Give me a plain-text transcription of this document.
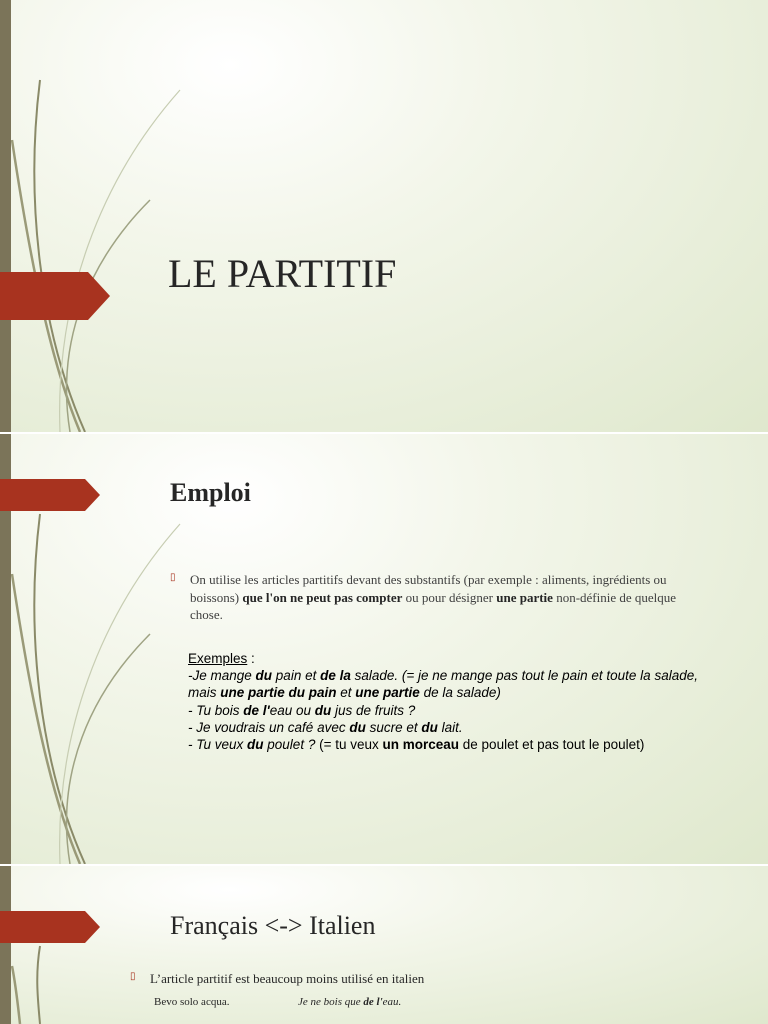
LE PARTITIF
Emploi
▯ On utilise les articles partitifs devant des substantifs (par exemple : aliments, ingrédients ou boissons) que l'on ne peut pas compter ou pour désigner une partie non-définie de quelque chose.
Exemples :
-Je mange du pain et de la salade. (= je ne mange pas tout le pain et toute la salade, mais une partie du pain et une partie de la salade)
- Tu bois de l'eau ou du jus de fruits ?
- Je voudrais un café avec du sucre et du lait.
- Tu veux du poulet ? (= tu veux un morceau de poulet et pas tout le poulet)
Français <-> Italien
▯ L’article partitif est beaucoup moins utilisé en italien
Bevo solo acqua.	Je ne bois que de l'eau.
